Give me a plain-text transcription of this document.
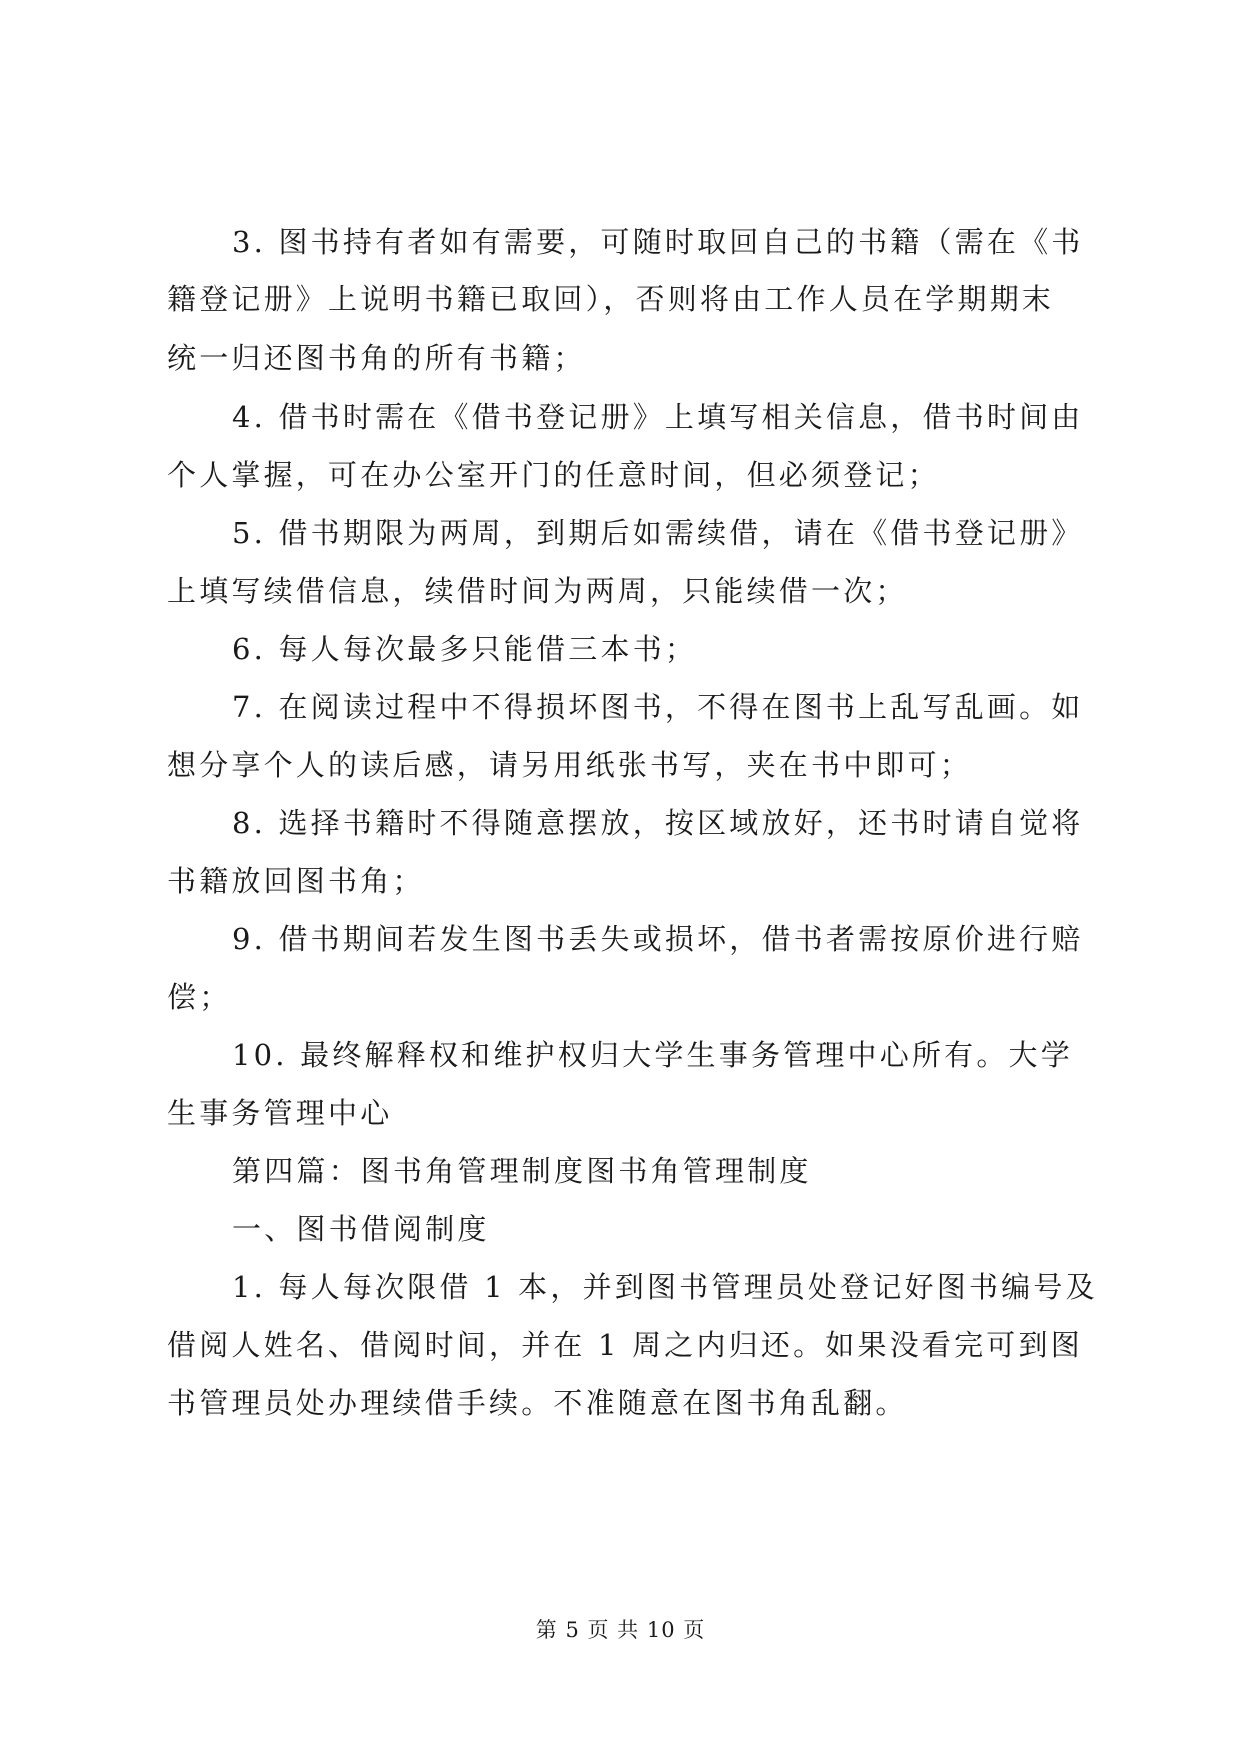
3. 图书持有者如有需要，可随时取回自己的书籍（需在《书
籍登记册》上说明书籍已取回），否则将由工作人员在学期期末
统一归还图书角的所有书籍；
4. 借书时需在《借书登记册》上填写相关信息，借书时间由
个人掌握，可在办公室开门的任意时间，但必须登记；
5. 借书期限为两周，到期后如需续借，请在《借书登记册》
上填写续借信息，续借时间为两周，只能续借一次；
6. 每人每次最多只能借三本书；
7. 在阅读过程中不得损坏图书，不得在图书上乱写乱画。如
想分享个人的读后感，请另用纸张书写，夹在书中即可；
8. 选择书籍时不得随意摆放，按区域放好，还书时请自觉将
书籍放回图书角；
9. 借书期间若发生图书丢失或损坏，借书者需按原价进行赔
偿；
10. 最终解释权和维护权归大学生事务管理中心所有。大学
生事务管理中心
第四篇：图书角管理制度图书角管理制度
一、图书借阅制度
1. 每人每次限借 1 本，并到图书管理员处登记好图书编号及
借阅人姓名、借阅时间，并在 1 周之内归还。如果没看完可到图
书管理员处办理续借手续。不准随意在图书角乱翻。
第 5 页 共 10 页
